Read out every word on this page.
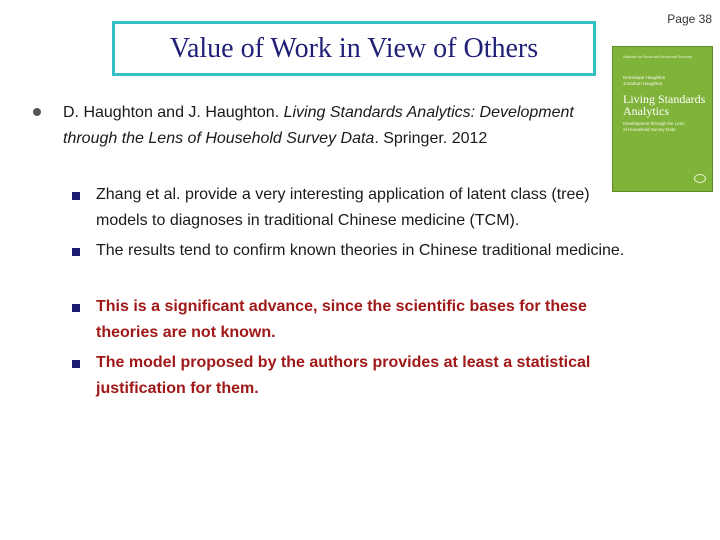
Page 38
Value of Work in View of Others	Statistics for Social and Behavioral Sciences
Dominique Haughton
Jonathan Haughton
Living Standards
Analytics
Development through the Lens
of Household Survey Data
D. Haughton and J. Haughton. Living Standards Analytics: Development through the Lens of Household Survey Data. Springer. 2012
Zhang et al. provide a very interesting application of latent class (tree) models to diagnoses in traditional Chinese medicine (TCM).
The results tend to confirm known theories in Chinese traditional medicine.
This is a significant advance, since the scientific bases for these theories are not known.
The model proposed by the authors provides at least a statistical justification for them.
